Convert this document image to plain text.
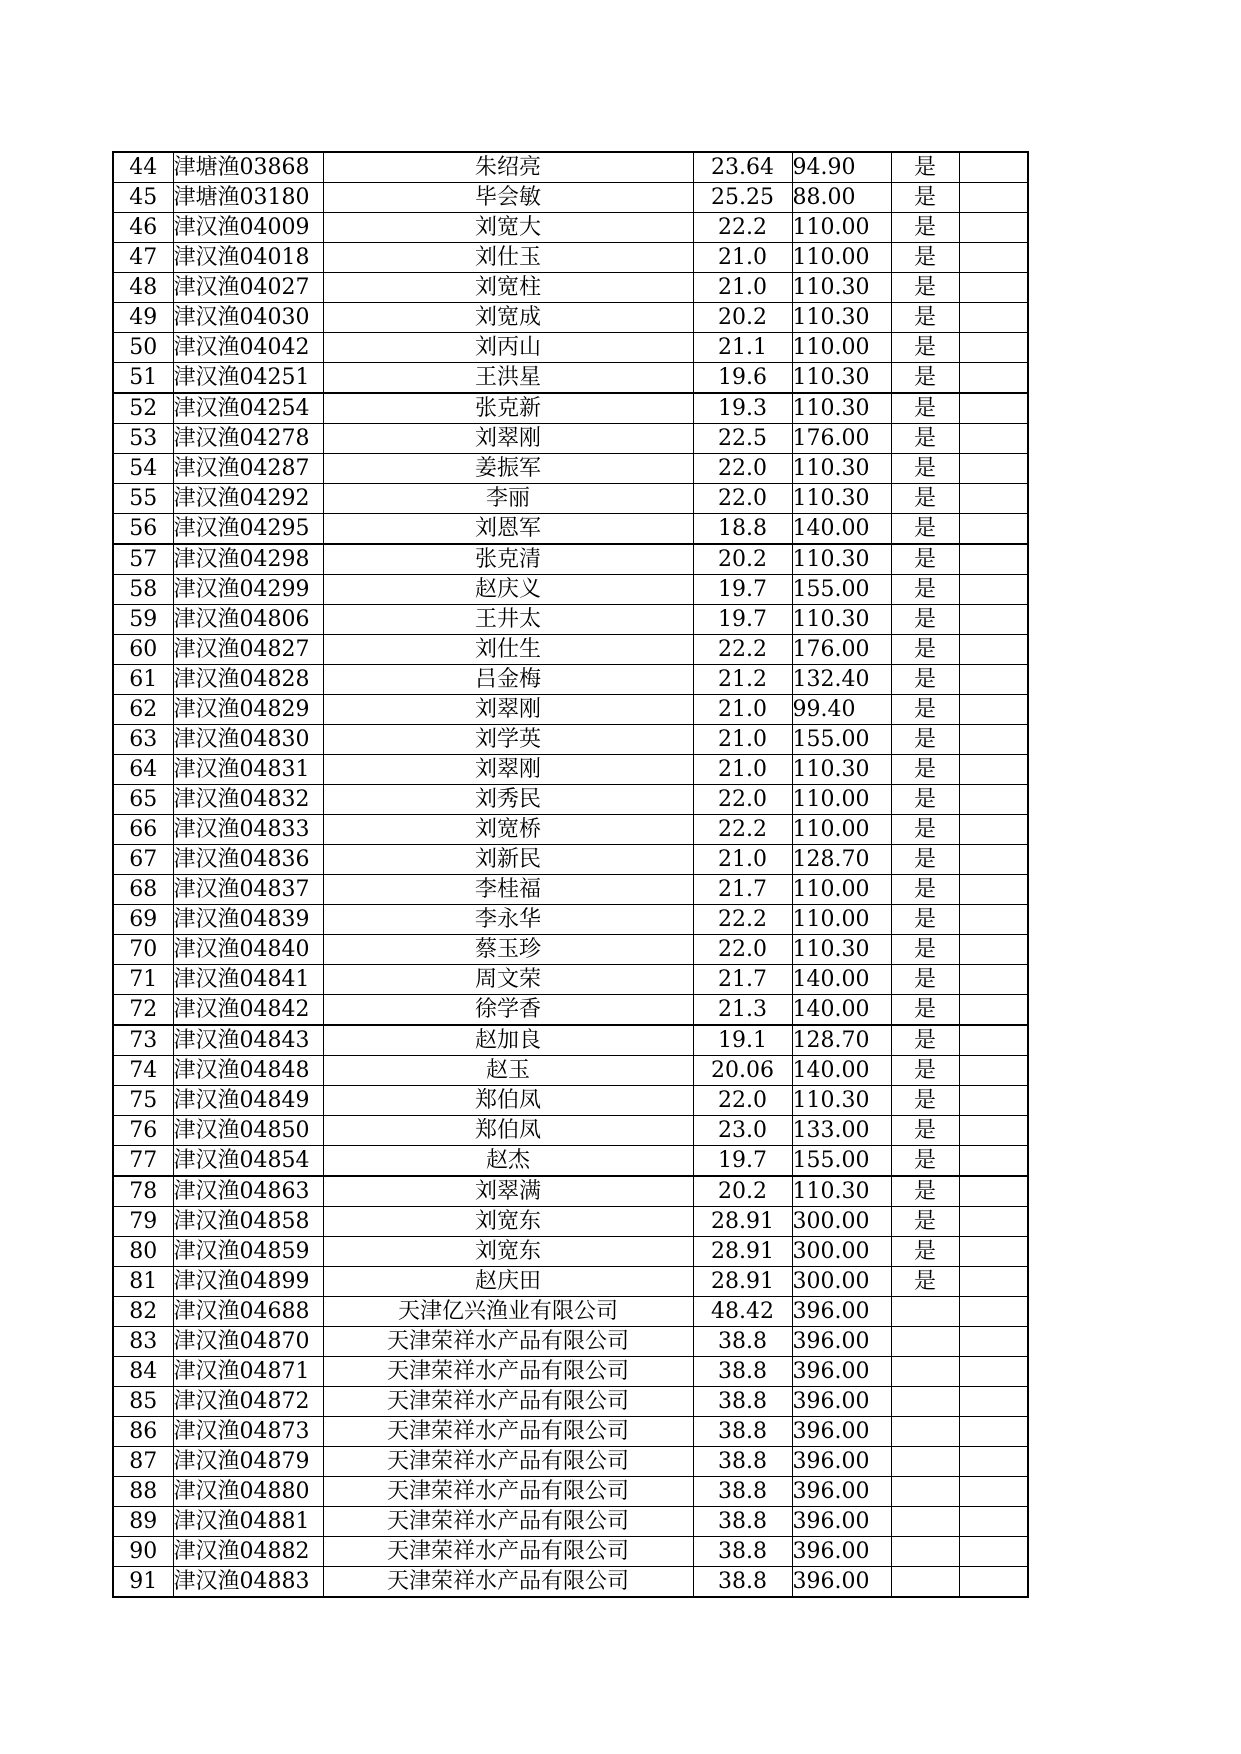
44	津塘渔03868	朱绍亮	23.64	94.90	是	
45	津塘渔03180	毕会敏	25.25	88.00	是	
46	津汉渔04009	刘宽大	22.2	110.00	是	
47	津汉渔04018	刘仕玉	21.0	110.00	是	
48	津汉渔04027	刘宽柱	21.0	110.30	是	
49	津汉渔04030	刘宽成	20.2	110.30	是	
50	津汉渔04042	刘丙山	21.1	110.00	是	
51	津汉渔04251	王洪星	19.6	110.30	是	
52	津汉渔04254	张克新	19.3	110.30	是	
53	津汉渔04278	刘翠刚	22.5	176.00	是	
54	津汉渔04287	姜振军	22.0	110.30	是	
55	津汉渔04292	李丽	22.0	110.30	是	
56	津汉渔04295	刘恩军	18.8	140.00	是	
57	津汉渔04298	张克清	20.2	110.30	是	
58	津汉渔04299	赵庆义	19.7	155.00	是	
59	津汉渔04806	王井太	19.7	110.30	是	
60	津汉渔04827	刘仕生	22.2	176.00	是	
61	津汉渔04828	吕金梅	21.2	132.40	是	
62	津汉渔04829	刘翠刚	21.0	99.40	是	
63	津汉渔04830	刘学英	21.0	155.00	是	
64	津汉渔04831	刘翠刚	21.0	110.30	是	
65	津汉渔04832	刘秀民	22.0	110.00	是	
66	津汉渔04833	刘宽桥	22.2	110.00	是	
67	津汉渔04836	刘新民	21.0	128.70	是	
68	津汉渔04837	李桂福	21.7	110.00	是	
69	津汉渔04839	李永华	22.2	110.00	是	
70	津汉渔04840	蔡玉珍	22.0	110.30	是	
71	津汉渔04841	周文荣	21.7	140.00	是	
72	津汉渔04842	徐学香	21.3	140.00	是	
73	津汉渔04843	赵加良	19.1	128.70	是	
74	津汉渔04848	赵玉	20.06	140.00	是	
75	津汉渔04849	郑伯凤	22.0	110.30	是	
76	津汉渔04850	郑伯凤	23.0	133.00	是	
77	津汉渔04854	赵杰	19.7	155.00	是	
78	津汉渔04863	刘翠满	20.2	110.30	是	
79	津汉渔04858	刘宽东	28.91	300.00	是	
80	津汉渔04859	刘宽东	28.91	300.00	是	
81	津汉渔04899	赵庆田	28.91	300.00	是	
82	津汉渔04688	天津亿兴渔业有限公司	48.42	396.00		
83	津汉渔04870	天津荣祥水产品有限公司	38.8	396.00		
84	津汉渔04871	天津荣祥水产品有限公司	38.8	396.00		
85	津汉渔04872	天津荣祥水产品有限公司	38.8	396.00		
86	津汉渔04873	天津荣祥水产品有限公司	38.8	396.00		
87	津汉渔04879	天津荣祥水产品有限公司	38.8	396.00		
88	津汉渔04880	天津荣祥水产品有限公司	38.8	396.00		
89	津汉渔04881	天津荣祥水产品有限公司	38.8	396.00		
90	津汉渔04882	天津荣祥水产品有限公司	38.8	396.00		
91	津汉渔04883	天津荣祥水产品有限公司	38.8	396.00		
